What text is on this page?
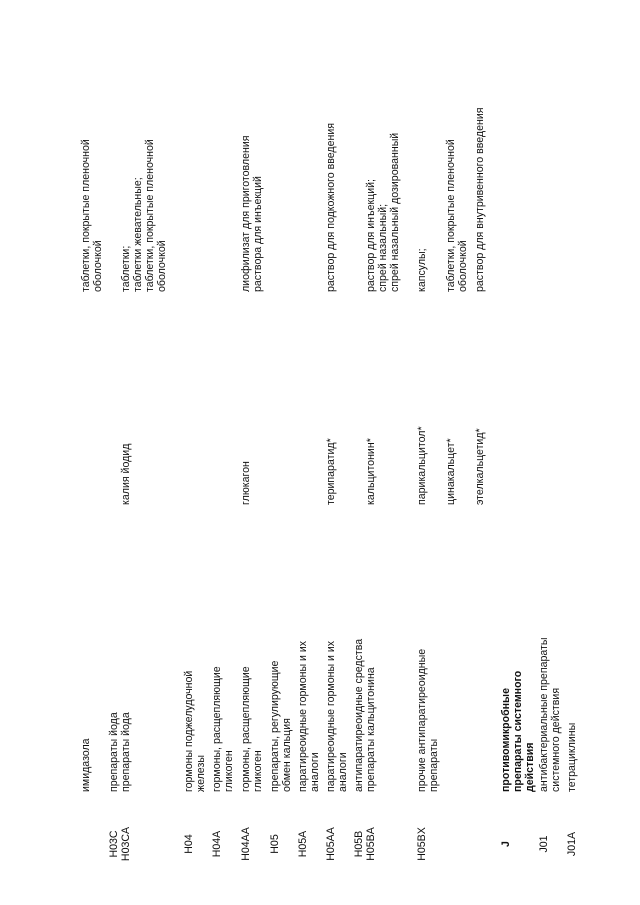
имидазола
таблетки, покрытые пленочной оболочкой
H03C
препараты йода
H03CA
препараты йода
калия йодид
таблетки; таблетки жевательные; таблетки, покрытые пленочной оболочкой
H04
гормоны поджелудочной железы
H04A
гормоны, расщепляющие гликоген
H04AA
гормоны, расщепляющие гликоген
глюкагон
лиофилизат для приготовления раствора для инъекций
H05
препараты, регулирующие обмен кальция
H05A
паратиреоидные гормоны и их аналоги
H05AA
паратиреоидные гормоны и их аналоги
терипаратид*
раствор для подкожного введения
H05B
антипаратиреоидные средства
H05BA
препараты кальцитонина
кальцитонин*
раствор для инъекций; спрей назальный; спрей назальный дозированный
H05BX
прочие антипаратиреоидные препараты
парикальцитол*
капсулы;
цинакальцет*
таблетки, покрытые пленочной оболочкой
этелкальцетид*
раствор для внутривенного введения
J
противомикробные препараты системного действия
J01
антибактериальные препараты системного действия
J01A
тетрациклины
